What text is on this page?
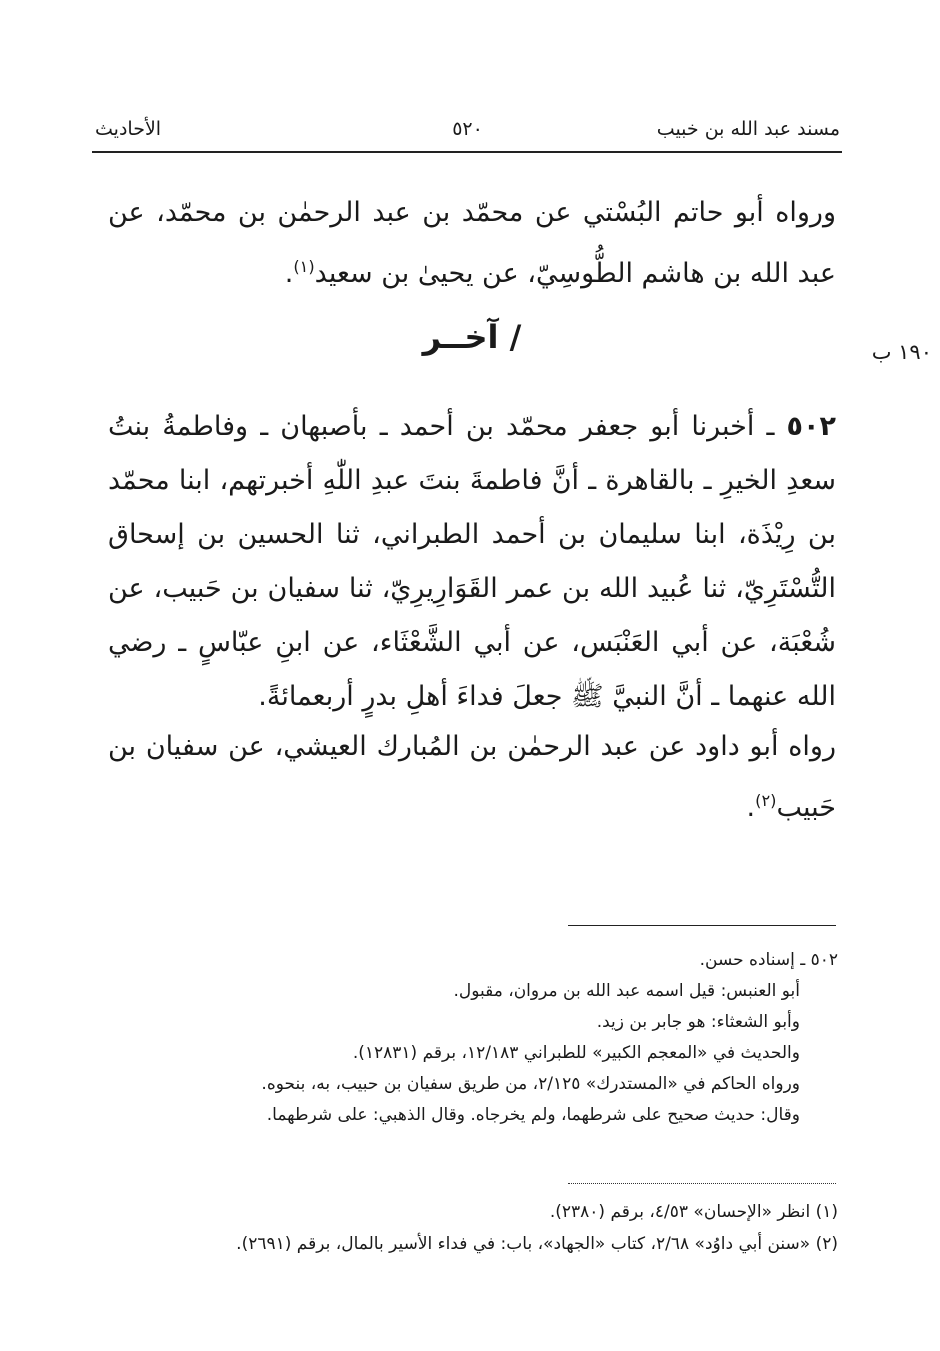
مسند عبد الله بن خبيب
٥٢٠
الأحاديث
ورواه أبو حاتم البُسْتي عن محمّد بن عبد الرحمٰن بن محمّد، عن عبد الله بن هاشم الطُّوسِيّ، عن يحيىٰ بن سعيد$^{(١)}$.
١٩٠ ب
/ آخــر
٥٠٢ ـ أخبرنا أبو جعفر محمّد بن أحمد ـ بأصبهان ـ وفاطمةُ بنتُ سعدِ الخيرِ ـ بالقاهرة ـ أنَّ فاطمةَ بنتَ عبدِ اللّٰهِ أخبرتهم، ابنا محمّد بن رِيْذَة، ابنا سليمان بن أحمد الطبراني، ثنا الحسين بن إسحاق التُّسْتَرِيّ، ثنا عُبيد الله بن عمر القَوَارِيرِيّ، ثنا سفيان بن حَبيب، عن شُعْبَة، عن أبي العَنْبَس، عن أبي الشَّعْثَاء، عن ابنِ عبّاسٍ ـ رضي الله عنهما ـ أنَّ النبيَّ ﷺ جعلَ فداءَ أهلِ بدرٍ أربعمائةً.
رواه أبو داود عن عبد الرحمٰن بن المُبارك العيشي، عن سفيان بن حَبيب$^{(٢)}$.
٥٠٢ ـ إسناده حسن.
أبو العنبس: قيل اسمه عبد الله بن مروان، مقبول.
وأبو الشعثاء: هو جابر بن زيد.
والحديث في «المعجم الكبير» للطبراني ١٢/١٨٣، برقم (١٢٨٣١).
ورواه الحاكم في «المستدرك» ٢/١٢٥، من طريق سفيان بن حبيب، به، بنحوه.
وقال: حديث صحيح على شرطهما، ولم يخرجاه. وقال الذهبي: على شرطهما.
(١) انظر «الإحسان» ٤/٥٣، برقم (٢٣٨٠).
(٢) «سنن أبي داوُد» ٢/٦٨، كتاب «الجهاد»، باب: في فداء الأسير بالمال، برقم (٢٦٩١).
